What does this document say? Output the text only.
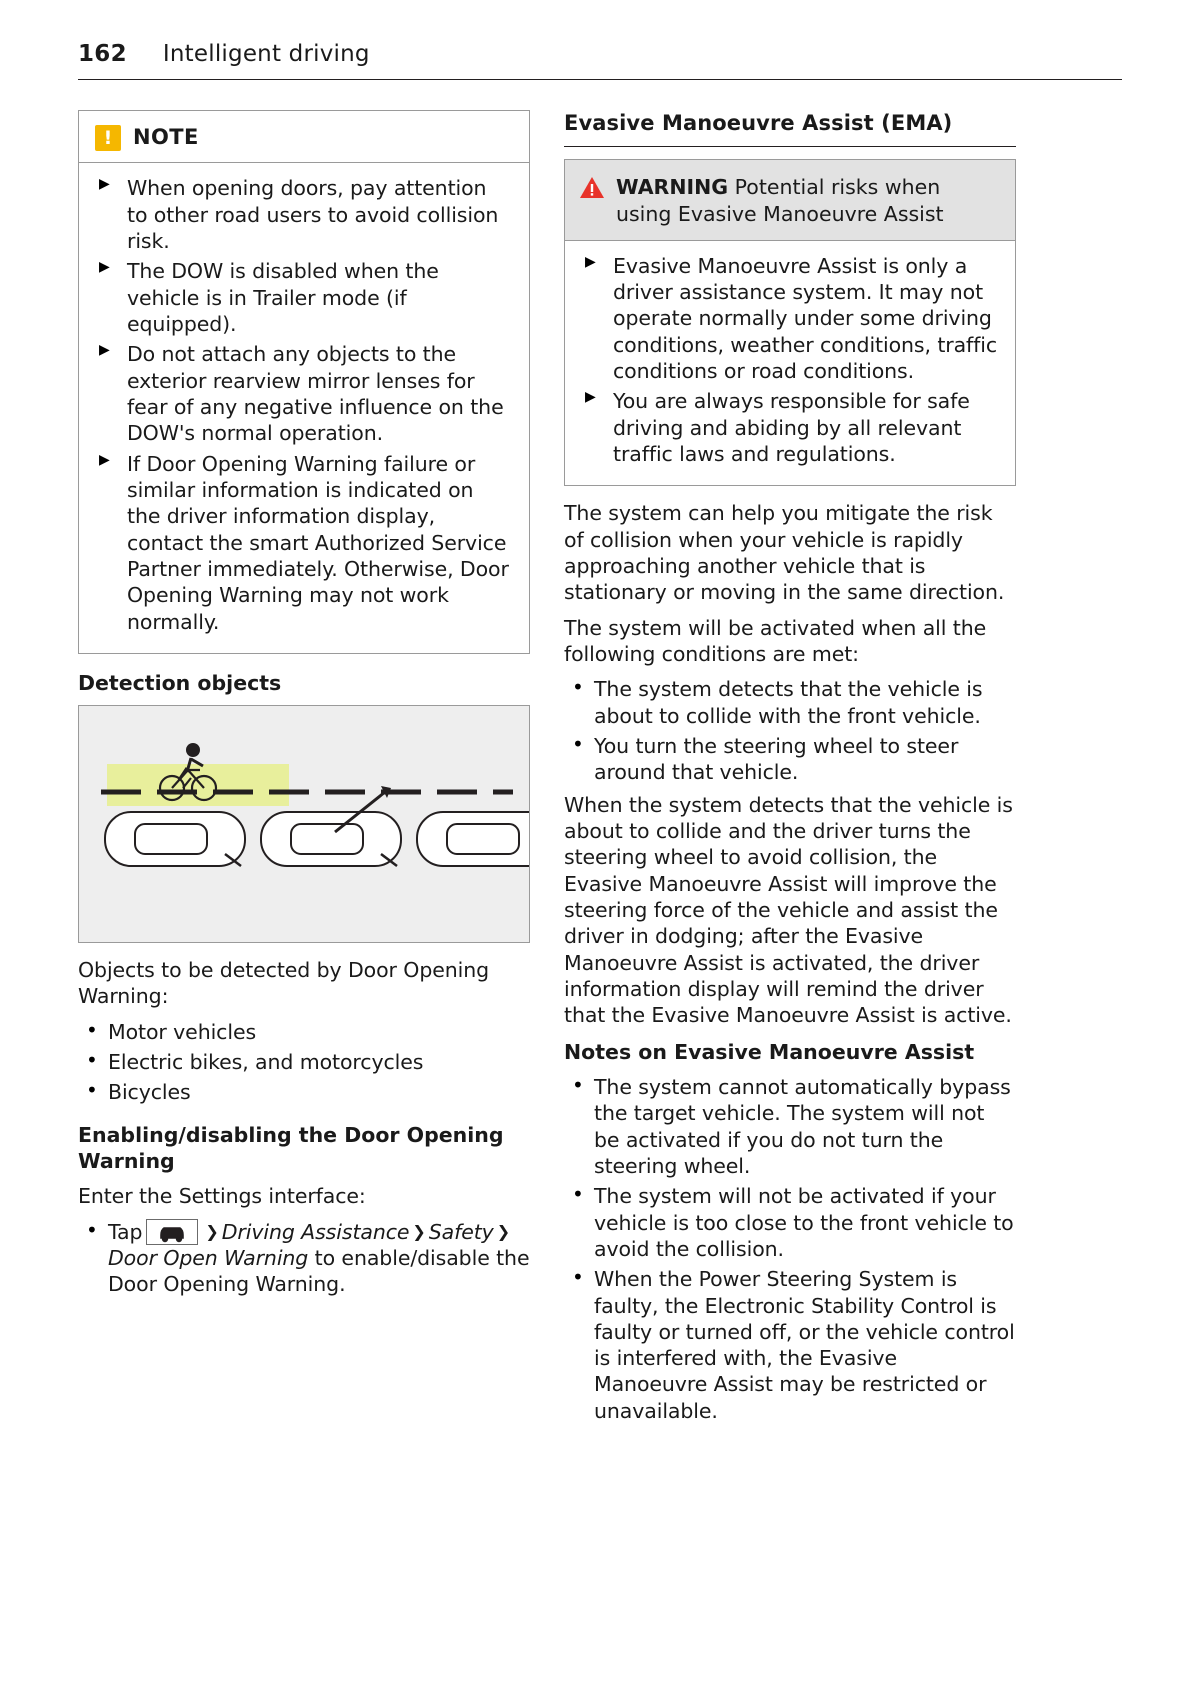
162 Intelligent driving
! NOTE
▶ When opening doors, pay attention to other road users to avoid collision risk.
▶ The DOW is disabled when the vehicle is in Trailer mode (if equipped).
▶ Do not attach any objects to the exterior rearview mirror lenses for fear of any negative influence on the DOW's normal operation.
▶ If Door Opening Warning failure or similar information is indicated on the driver information display, contact the smart Authorized Service Partner immediately. Otherwise, Door Opening Warning may not work normally.
Detection objects

Objects to be detected by Door Opening Warning:

• Motor vehicles
• Electric bikes, and motorcycles
• Bicycles
Enabling/disabling the Door Opening Warning

Enter the Settings interface:

• Tap	❯ Driving Assistance ❯ Safety ❯Door Open Warning to enable/disable the Door Opening Warning.
Evasive Manoeuvre Assist (EMA)
WARNING Potential risks when using Evasive Manoeuvre Assist
▶ Evasive Manoeuvre Assist is only a driver assistance system. It may not operate normally under some driving conditions, weather conditions, traffic conditions or road conditions.
▶ You are always responsible for safe driving and abiding by all relevant traffic laws and regulations.

The system can help you mitigate the risk of collision when your vehicle is rapidly approaching another vehicle that is stationary or moving in the same direction.

The system will be activated when all the following conditions are met:

• The system detects that the vehicle is about to collide with the front vehicle.
• You turn the steering wheel to steer around that vehicle.

When the system detects that the vehicle is about to collide and the driver turns the steering wheel to avoid collision, the Evasive Manoeuvre Assist will improve the steering force of the vehicle and assist the driver in dodging; after the Evasive Manoeuvre Assist is activated, the driver information display will remind the driver that the Evasive Manoeuvre Assist is active.

Notes on Evasive Manoeuvre Assist
• The system cannot automatically bypass the target vehicle. The system will not be activated if you do not turn the steering wheel.
• The system will not be activated if your vehicle is too close to the front vehicle to avoid the collision.
• When the Power Steering System is faulty, the Electronic Stability Control is faulty or turned off, or the vehicle control is interfered with, the Evasive Manoeuvre Assist may be restricted or unavailable.
